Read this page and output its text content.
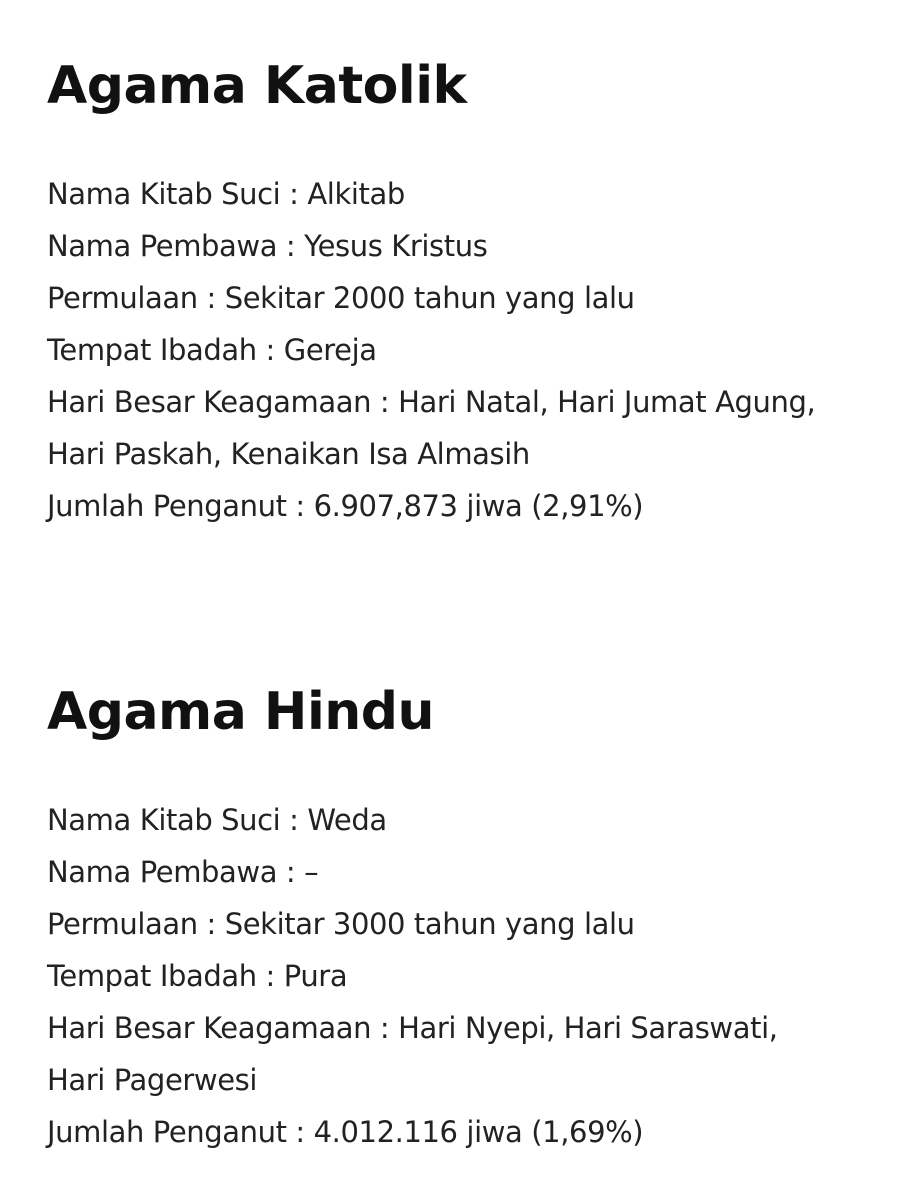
Agama Katolik
Nama Kitab Suci : Alkitab
Nama Pembawa : Yesus Kristus
Permulaan : Sekitar 2000 tahun yang lalu
Tempat Ibadah : Gereja
Hari Besar Keagamaan : Hari Natal, Hari Jumat Agung,
Hari Paskah, Kenaikan Isa Almasih
Jumlah Penganut : 6.907,873 jiwa (2,91%)
Agama Hindu
Nama Kitab Suci : Weda
Nama Pembawa : –
Permulaan : Sekitar 3000 tahun yang lalu
Tempat Ibadah : Pura
Hari Besar Keagamaan : Hari Nyepi, Hari Saraswati,
Hari Pagerwesi
Jumlah Penganut : 4.012.116 jiwa (1,69%)
